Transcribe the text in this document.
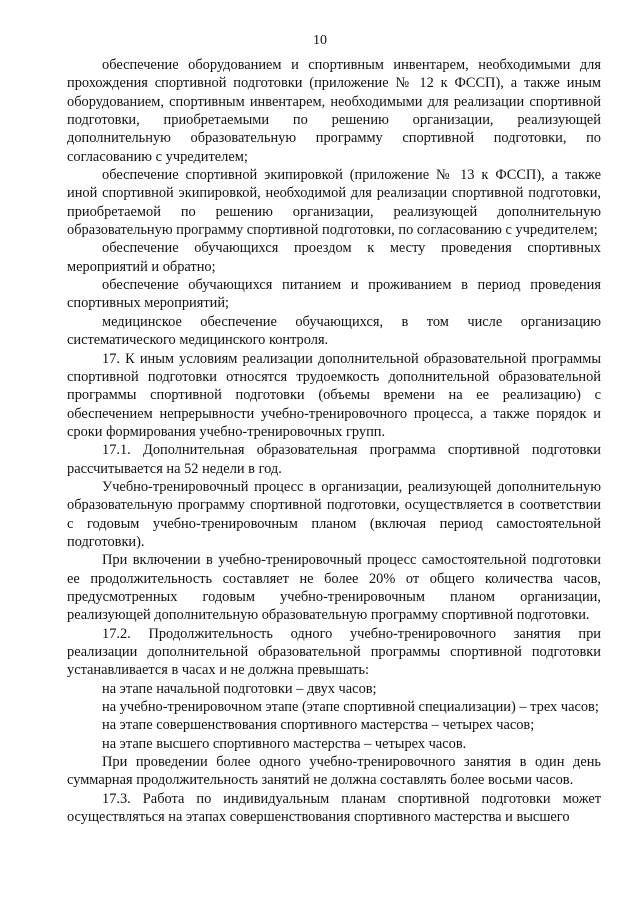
10

обеспечение оборудованием и спортивным инвентарем, необходимыми для прохождения спортивной подготовки (приложение № 12 к ФССП), а также иным оборудованием, спортивным инвентарем, необходимыми для реализации спортивной подготовки, приобретаемыми по решению организации, реализующей дополнительную образовательную программу спортивной подготовки, по согласованию с учредителем;

обеспечение спортивной экипировкой (приложение № 13 к ФССП), а также иной спортивной экипировкой, необходимой для реализации спортивной подготовки, приобретаемой по решению организации, реализующей дополнительную образовательную программу спортивной подготовки, по согласованию с учредителем;

обеспечение обучающихся проездом к месту проведения спортивных мероприятий и обратно;

обеспечение обучающихся питанием и проживанием в период проведения спортивных мероприятий;

медицинское обеспечение обучающихся, в том числе организацию систематического медицинского контроля.

17. К иным условиям реализации дополнительной образовательной программы спортивной подготовки относятся трудоемкость дополнительной образовательной программы спортивной подготовки (объемы времени на ее реализацию) с обеспечением непрерывности учебно-тренировочного процесса, а также порядок и сроки формирования учебно-тренировочных групп.

17.1. Дополнительная образовательная программа спортивной подготовки рассчитывается на 52 недели в год.

Учебно-тренировочный процесс в организации, реализующей дополнительную образовательную программу спортивной подготовки, осуществляется в соответствии с годовым учебно-тренировочным планом (включая период самостоятельной подготовки).

При включении в учебно-тренировочный процесс самостоятельной подготовки ее продолжительность составляет не более 20% от общего количества часов, предусмотренных годовым учебно-тренировочным планом организации, реализующей дополнительную образовательную программу спортивной подготовки.

17.2. Продолжительность одного учебно-тренировочного занятия при реализации дополнительной образовательной программы спортивной подготовки устанавливается в часах и не должна превышать:

на этапе начальной подготовки – двух часов;

на учебно-тренировочном этапе (этапе спортивной специализации) – трех часов;

на этапе совершенствования спортивного мастерства – четырех часов;

на этапе высшего спортивного мастерства – четырех часов.

При проведении более одного учебно-тренировочного занятия в один день суммарная продолжительность занятий не должна составлять более восьми часов.

17.3. Работа по индивидуальным планам спортивной подготовки может осуществляться на этапах совершенствования спортивного мастерства и высшего
